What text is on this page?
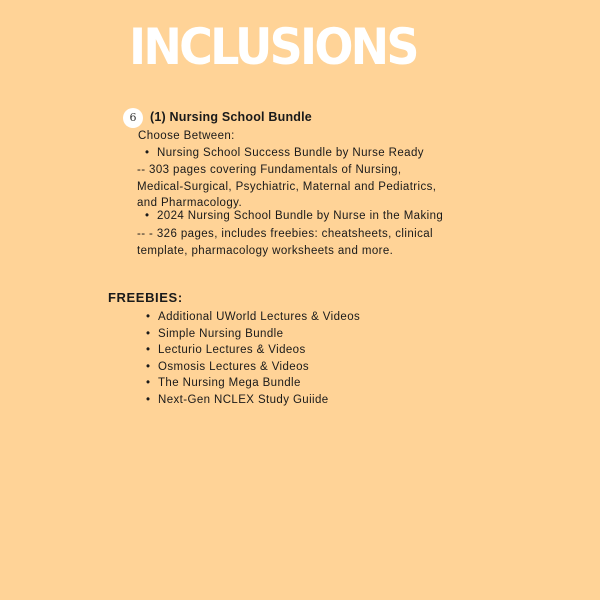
INCLUSIONS
6	(1) Nursing School Bundle
Choose Between:
• Nursing School Success Bundle by Nurse Ready
-- 303 pages covering Fundamentals of Nursing,
Medical-Surgical, Psychiatric, Maternal and Pediatrics,
and Pharmacology.
• 2024 Nursing School Bundle by Nurse in the Making
-- - 326 pages, includes freebies: cheatsheets, clinical
template, pharmacology worksheets and more.
FREEBIES:
• Additional UWorld Lectures & Videos
• Simple Nursing Bundle
• Lecturio Lectures & Videos
• Osmosis Lectures & Videos
• The Nursing Mega Bundle
• Next-Gen NCLEX Study Guiide
